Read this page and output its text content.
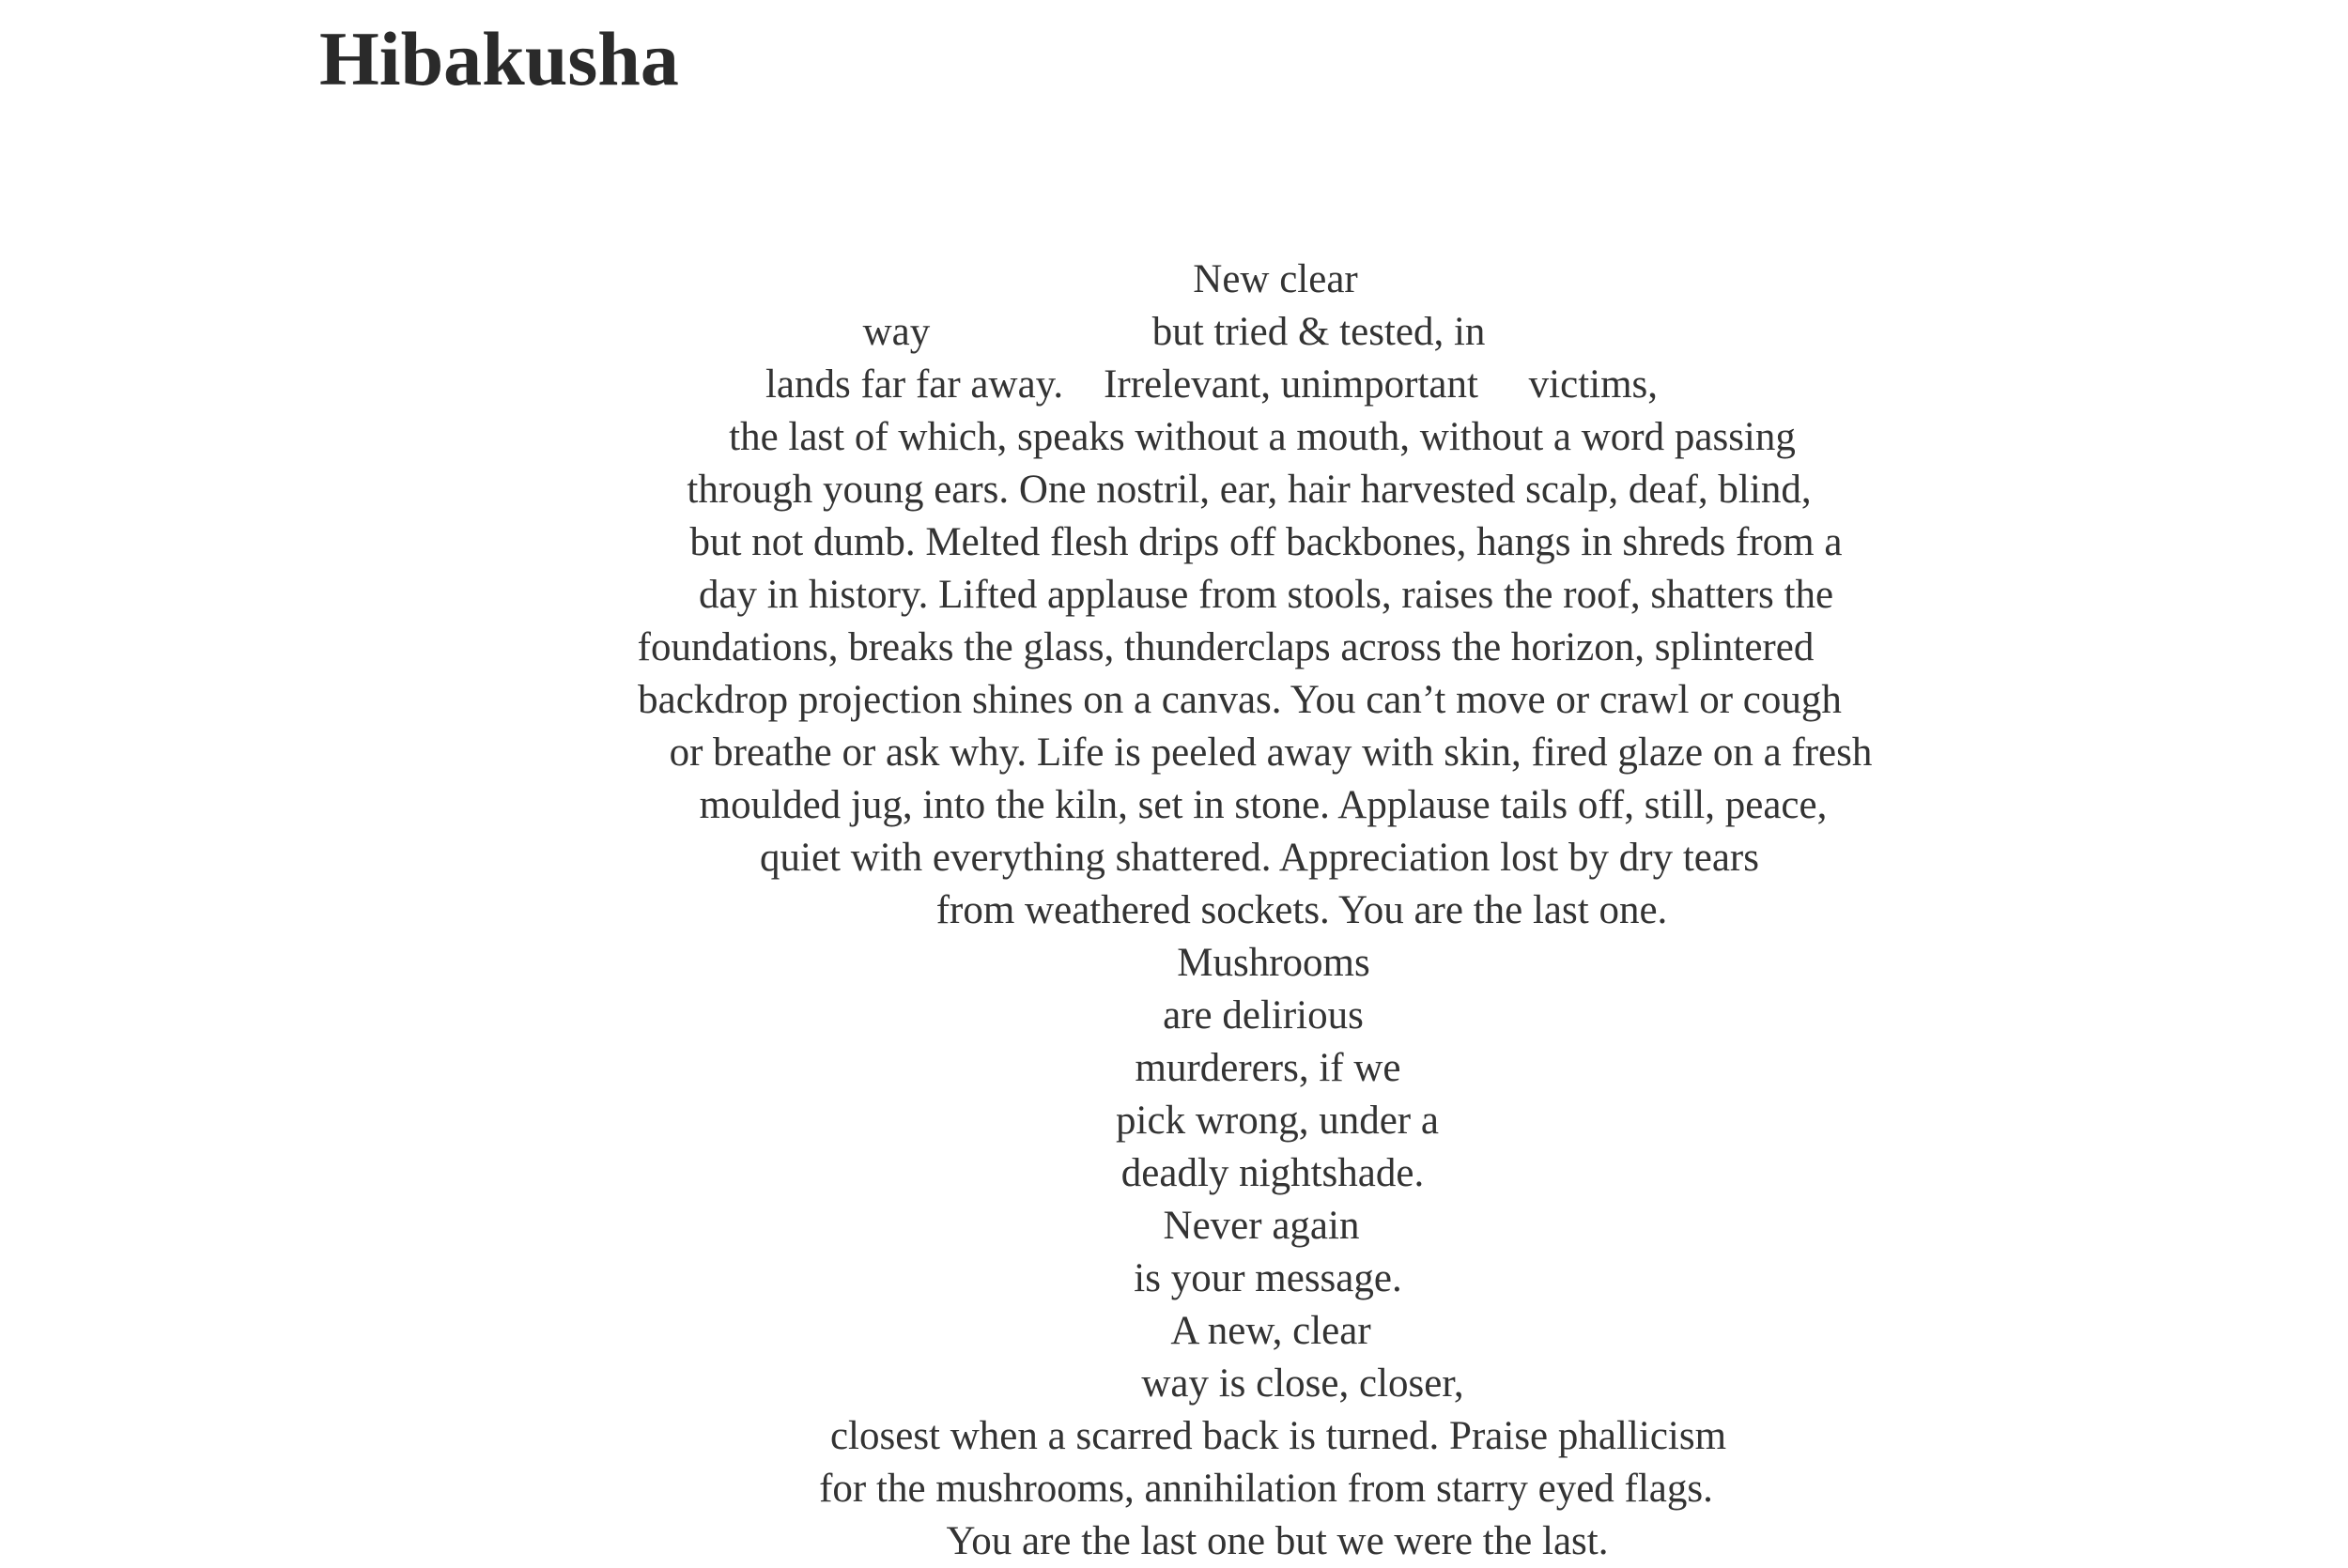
Hibakusha
New clear
way                      but tried & tested, in
lands far far away.    Irrelevant, unimportant     victims,
the last of which, speaks without a mouth, without a word passing
through young ears. One nostril, ear, hair harvested scalp, deaf, blind,
but not dumb. Melted flesh drips off backbones, hangs in shreds from a
day in history. Lifted applause from stools, raises the roof, shatters the
foundations, breaks the glass, thunderclaps across the horizon, splintered
backdrop projection shines on a canvas. You can’t move or crawl or cough
or breathe or ask why. Life is peeled away with skin, fired glaze on a fresh
moulded jug, into the kiln, set in stone. Applause tails off, still, peace,
quiet with everything shattered. Appreciation lost by dry tears
from weathered sockets. You are the last one.
Mushrooms
are delirious
murderers, if we
pick wrong, under a
deadly nightshade.
Never again
is your message.
A new, clear
way is close, closer,
closest when a scarred back is turned. Praise phallicism
for the mushrooms, annihilation from starry eyed flags.
You are the last one but we were the last.
